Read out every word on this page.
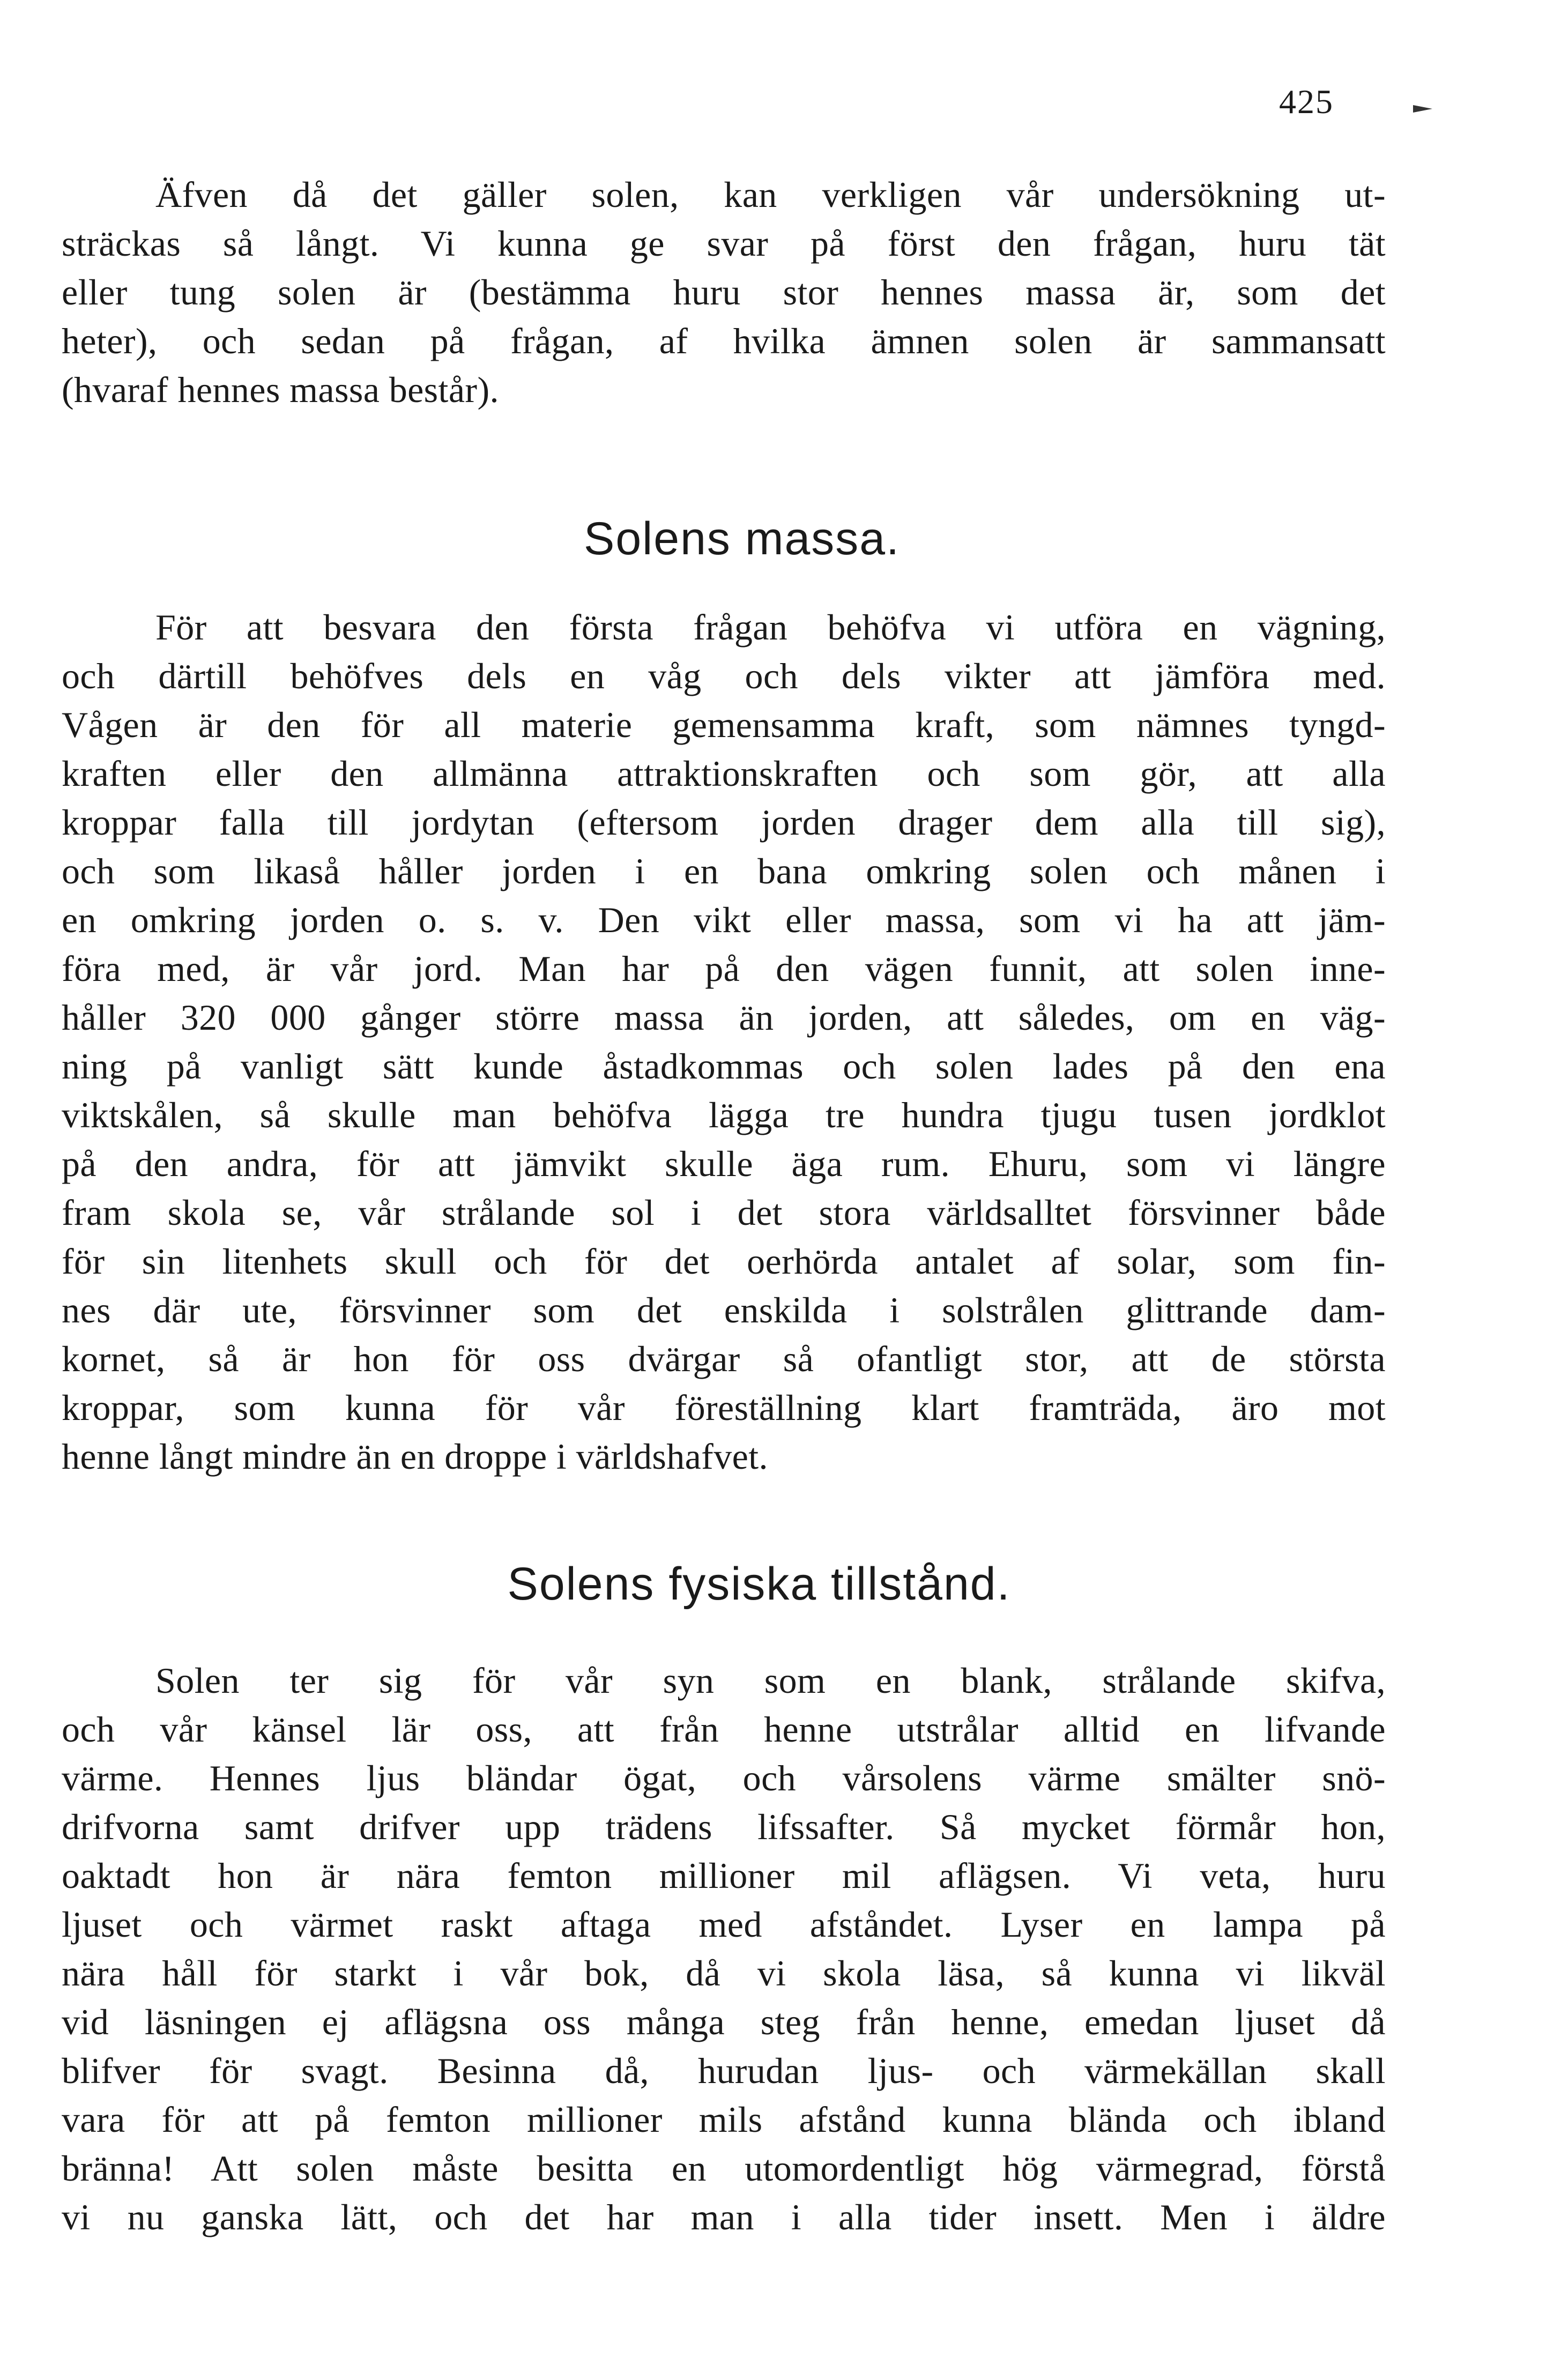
425
Äfven då det gäller solen, kan verkligen vår undersökning ut-
sträckas så långt. Vi kunna ge svar på först den frågan, huru tät
eller tung solen är (bestämma huru stor hennes massa är, som det
heter), och sedan på frågan, af hvilka ämnen solen är sammansatt
(hvaraf hennes massa består).
Solens massa.
För att besvara den första frågan behöfva vi utföra en vägning,
och därtill behöfves dels en våg och dels vikter att jämföra med.
Vågen är den för all materie gemensamma kraft, som nämnes tyngd-
kraften eller den allmänna attraktionskraften och som gör, att alla
kroppar falla till jordytan (eftersom jorden drager dem alla till sig),
och som likaså håller jorden i en bana omkring solen och månen i
en omkring jorden o. s. v. Den vikt eller massa, som vi ha att jäm-
föra med, är vår jord. Man har på den vägen funnit, att solen inne-
håller 320 000 gånger större massa än jorden, att således, om en väg-
ning på vanligt sätt kunde åstadkommas och solen lades på den ena
viktskålen, så skulle man behöfva lägga tre hundra tjugu tusen jordklot
på den andra, för att jämvikt skulle äga rum. Ehuru, som vi längre
fram skola se, vår strålande sol i det stora världsalltet försvinner både
för sin litenhets skull och för det oerhörda antalet af solar, som fin-
nes där ute, försvinner som det enskilda i solstrålen glittrande dam-
kornet, så är hon för oss dvärgar så ofantligt stor, att de största
kroppar, som kunna för vår föreställning klart framträda, äro mot
henne långt mindre än en droppe i världshafvet.
Solens fysiska tillstånd.
Solen ter sig för vår syn som en blank, strålande skifva,
och vår känsel lär oss, att från henne utstrålar alltid en lifvande
värme. Hennes ljus bländar ögat, och vårsolens värme smälter snö-
drifvorna samt drifver upp trädens lifssafter. Så mycket förmår hon,
oaktadt hon är nära femton millioner mil aflägsen. Vi veta, huru
ljuset och värmet raskt aftaga med afståndet. Lyser en lampa på
nära håll för starkt i vår bok, då vi skola läsa, så kunna vi likväl
vid läsningen ej aflägsna oss många steg från henne, emedan ljuset då
blifver för svagt. Besinna då, hurudan ljus- och värmekällan skall
vara för att på femton millioner mils afstånd kunna blända och ibland
bränna! Att solen måste besitta en utomordentligt hög värmegrad, förstå
vi nu ganska lätt, och det har man i alla tider insett. Men i äldre
